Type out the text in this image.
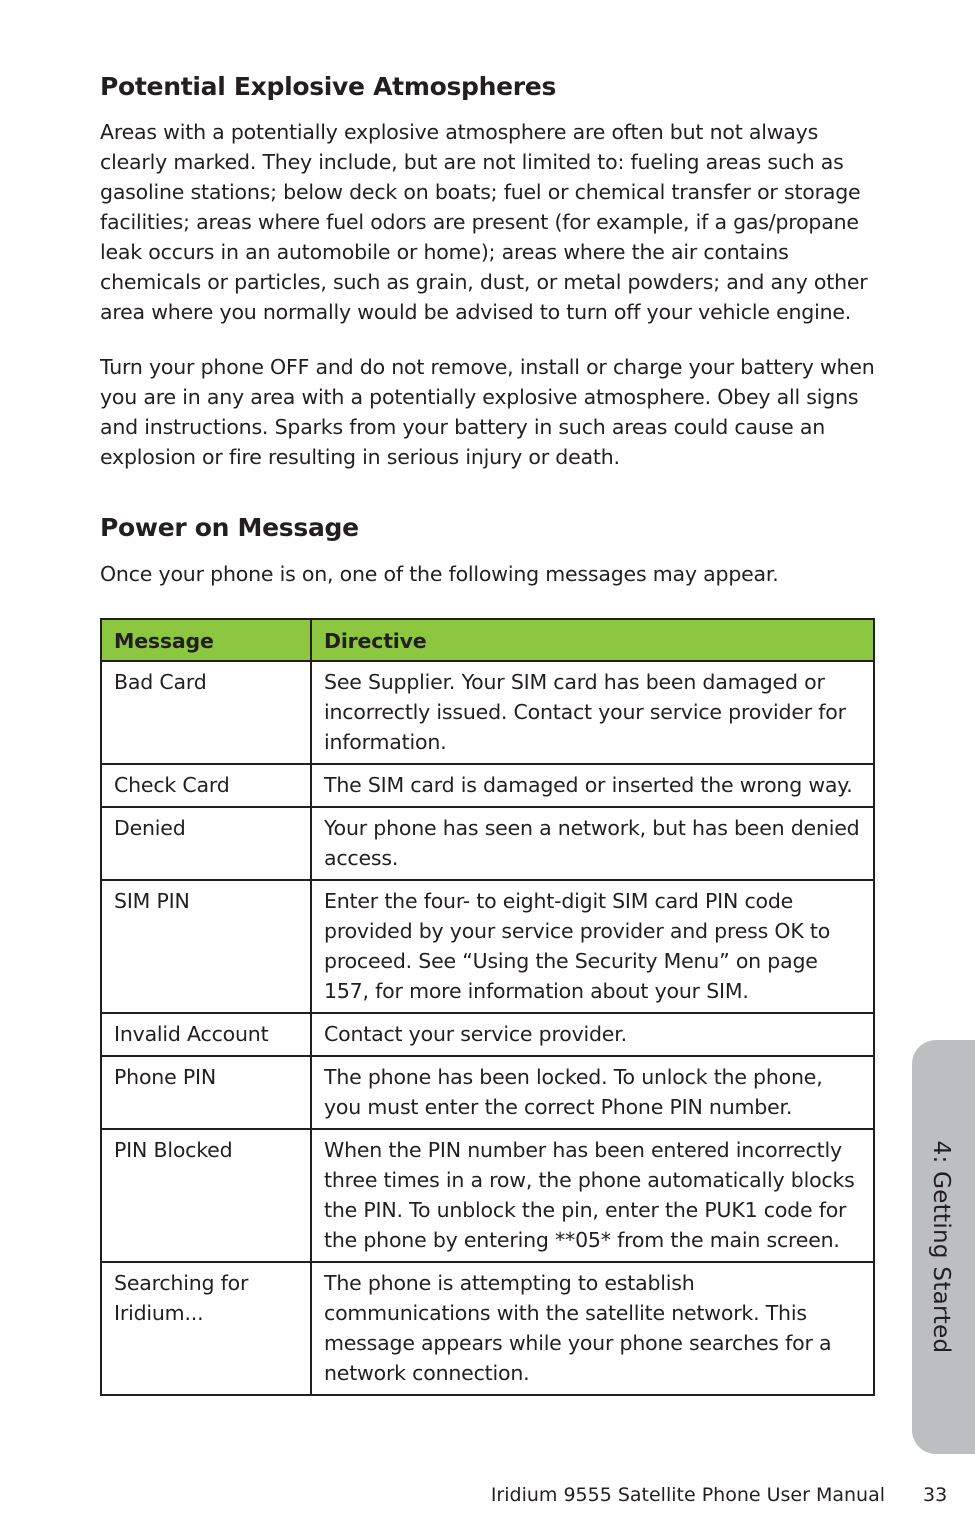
Potential Explosive Atmospheres

Areas with a potentially explosive atmosphere are often but not always clearly marked. They include, but are not limited to: fueling areas such as gasoline stations; below deck on boats; fuel or chemical transfer or storage facilities; areas where fuel odors are present (for example, if a gas/propane leak occurs in an automobile or home); areas where the air contains chemicals or particles, such as grain, dust, or metal powders; and any other area where you normally would be advised to turn off your vehicle engine.

Turn your phone OFF and do not remove, install or charge your battery when you are in any area with a potentially explosive atmosphere. Obey all signs and instructions. Sparks from your battery in such areas could cause an explosion or fire resulting in serious injury or death.

Power on Message

Once your phone is on, one of the following messages may appear.

Message	Directive
Bad Card	See Supplier. Your SIM card has been damaged or incorrectly issued. Contact your service provider for information.
Check Card	The SIM card is damaged or inserted the wrong way.
Denied	Your phone has seen a network, but has been denied access.
SIM PIN	Enter the four- to eight-digit SIM card PIN code provided by your service provider and press OK to proceed. See “Using the Security Menu” on page 157, for more information about your SIM.
Invalid Account	Contact your service provider.
Phone PIN	The phone has been locked. To unlock the phone, you must enter the correct Phone PIN number.
PIN Blocked	When the PIN number has been entered incorrectly three times in a row, the phone automatically blocks the PIN. To unblock the pin, enter the PUK1 code for the phone by entering **05* from the main screen.
Searching for Iridium...	The phone is attempting to establish communications with the satellite network. This message appears while your phone searches for a network connection.
4: Getting Started

Iridium 9555 Satellite Phone User Manual 33
